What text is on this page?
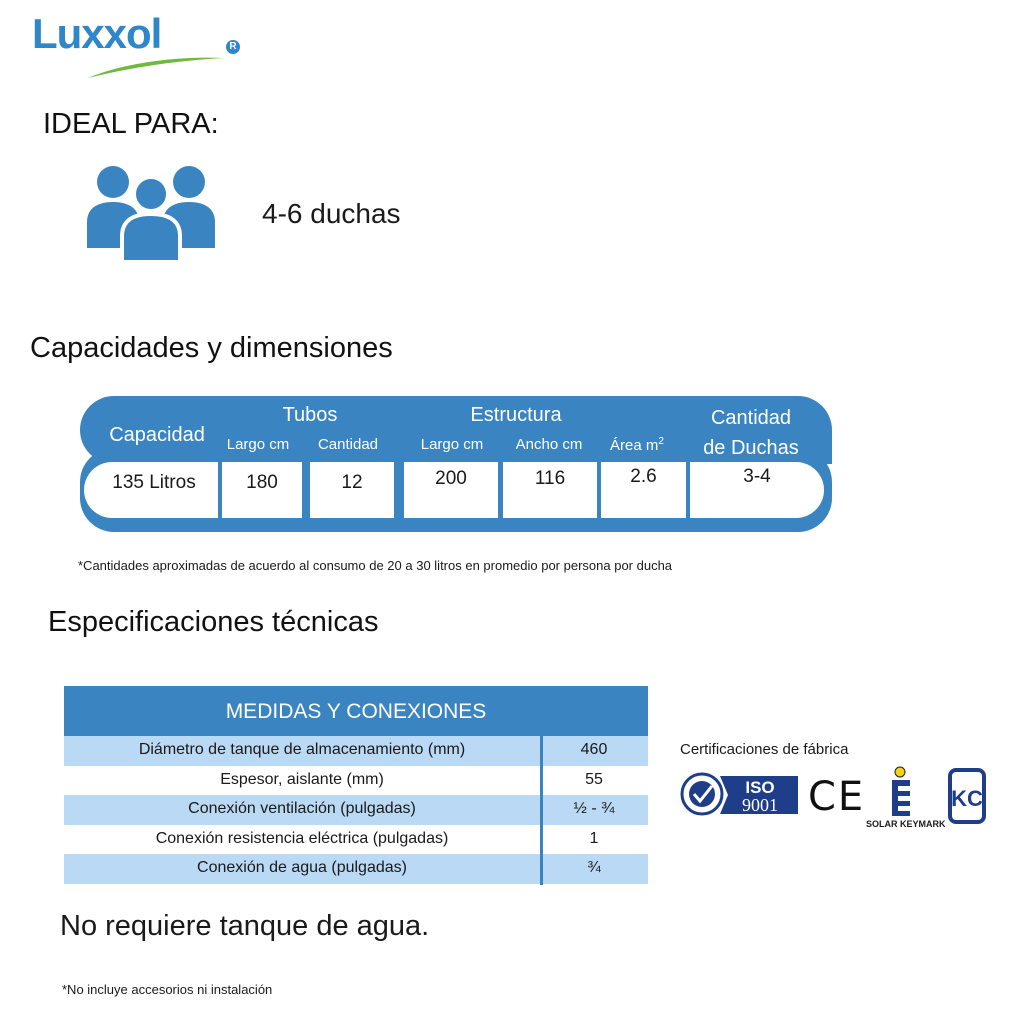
Luxxol	R
IDEAL PARA:
4-6 duchas
Capacidades y dimensiones
Capacidad
Tubos
Largo cm	Cantidad
Estructura
Largo cm	Ancho cm	Área $m^2$
Cantidad
de Duchas
135 Litros	180	12	200	116	2.6	3-4
*Cantidades aproximadas de acuerdo al consumo de 20 a 30 litros en promedio por persona por ducha
Especificaciones técnicas
MEDIDAS Y CONEXIONES
Diámetro de tanque de almacenamiento (mm)	460
Espesor, aislante (mm)	55
Conexión ventilación (pulgadas)	½ - ¾
Conexión resistencia eléctrica (pulgadas)	1
Conexión de agua (pulgadas)	¾
Certificaciones de fábrica
ISO
9001 CE	KC
SOLAR KEYMARK
No requiere tanque de agua.
*No incluye accesorios ni instalación
